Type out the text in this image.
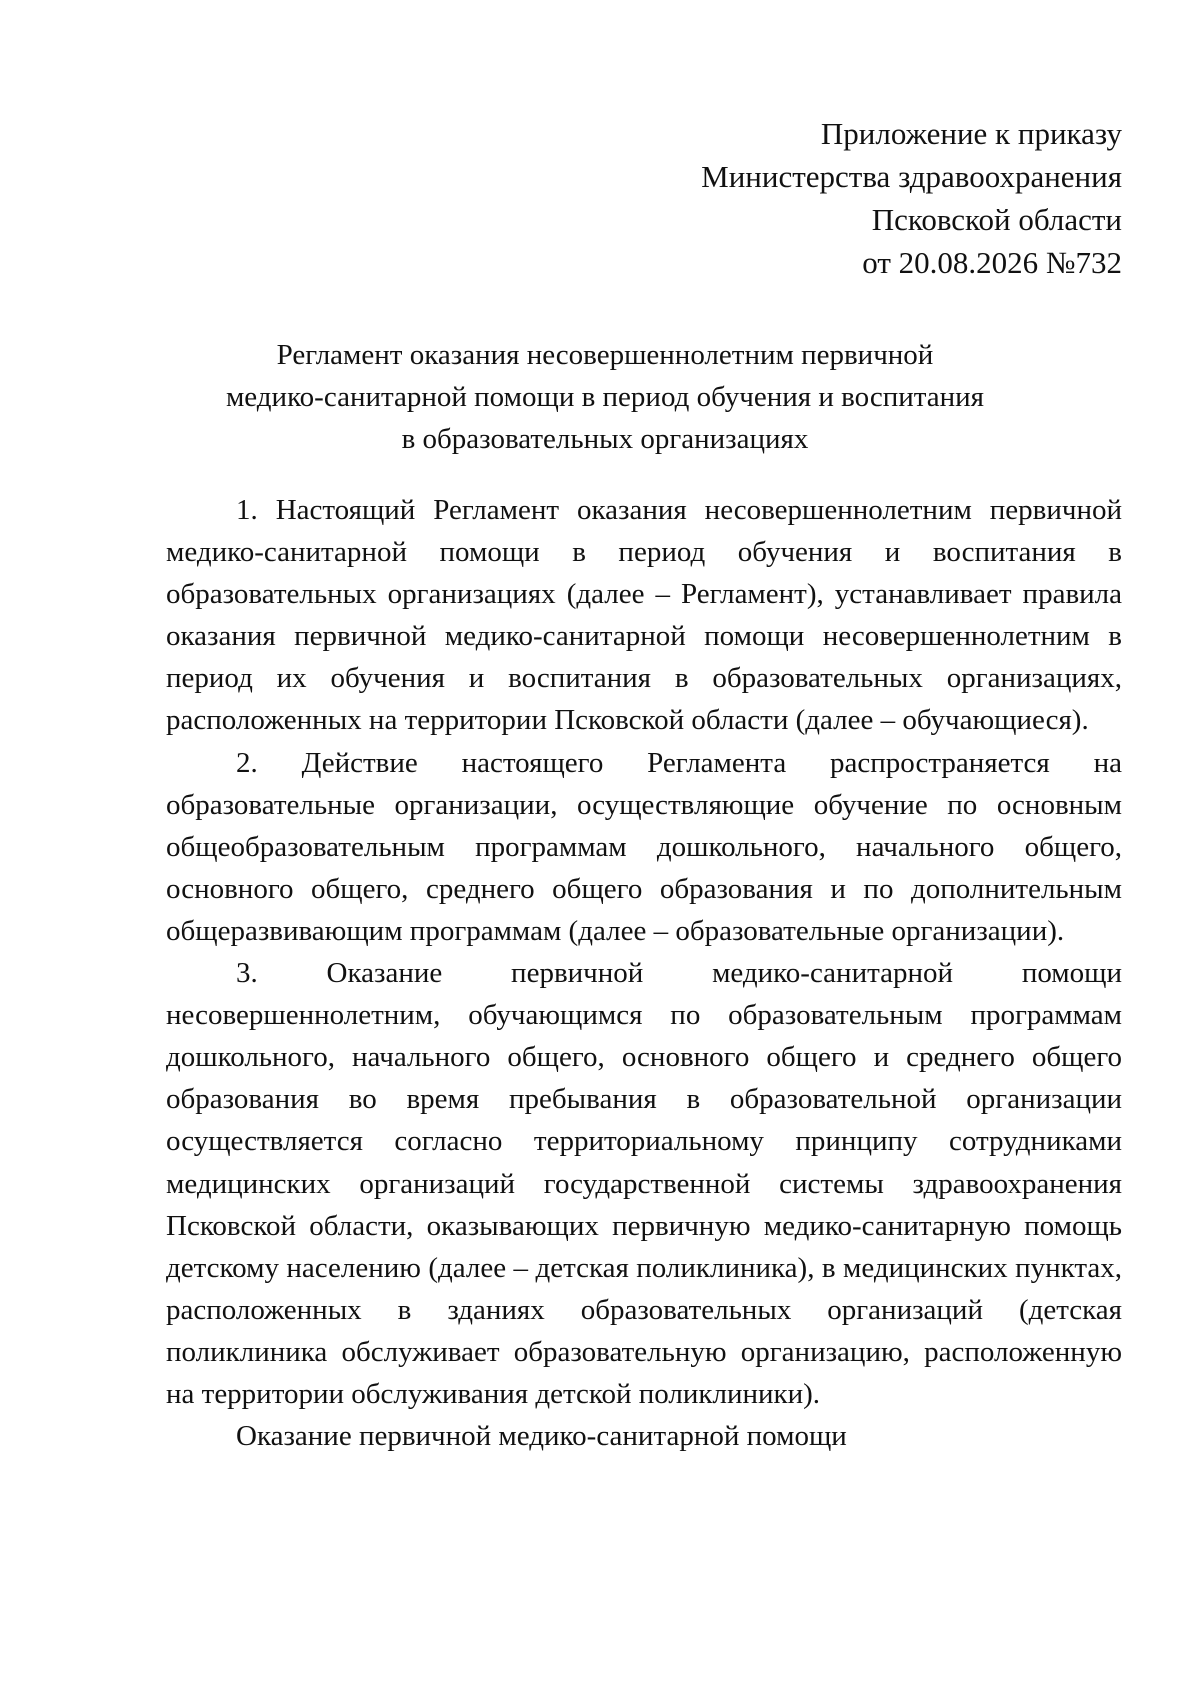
Приложение к приказу
Министерства здравоохранения
Псковской области
от 20.08.2026 №732
Регламент оказания несовершеннолетним первичной
медико-санитарной помощи в период обучения и воспитания
в образовательных организациях

1. Настоящий Регламент оказания несовершеннолетним первичной медико-санитарной помощи в период обучения и воспитания в образовательных организациях (далее – Регламент), устанавливает правила оказания первичной медико-санитарной помощи несовершеннолетним в период их обучения и воспитания в образовательных организациях, расположенных на территории Псковской области (далее – обучающиеся).

2. Действие настоящего Регламента распространяется на образовательные организации, осуществляющие обучение по основным общеобразовательным программам дошкольного, начального общего, основного общего, среднего общего образования и по дополнительным общеразвивающим программам (далее – образовательные организации).

3. Оказание первичной медико-санитарной помощи несовершеннолетним, обучающимся по образовательным программам дошкольного, начального общего, основного общего и среднего общего образования во время пребывания в образовательной организации осуществляется согласно территориальному принципу сотрудниками медицинских организаций государственной системы здравоохранения Псковской области, оказывающих первичную медико-санитарную помощь детскому населению (далее – детская поликлиника), в медицинских пунктах, расположенных в зданиях образовательных организаций (детская поликлиника обслуживает образовательную организацию, расположенную на территории обслуживания детской поликлиники).

Оказание первичной медико-санитарной помощи
